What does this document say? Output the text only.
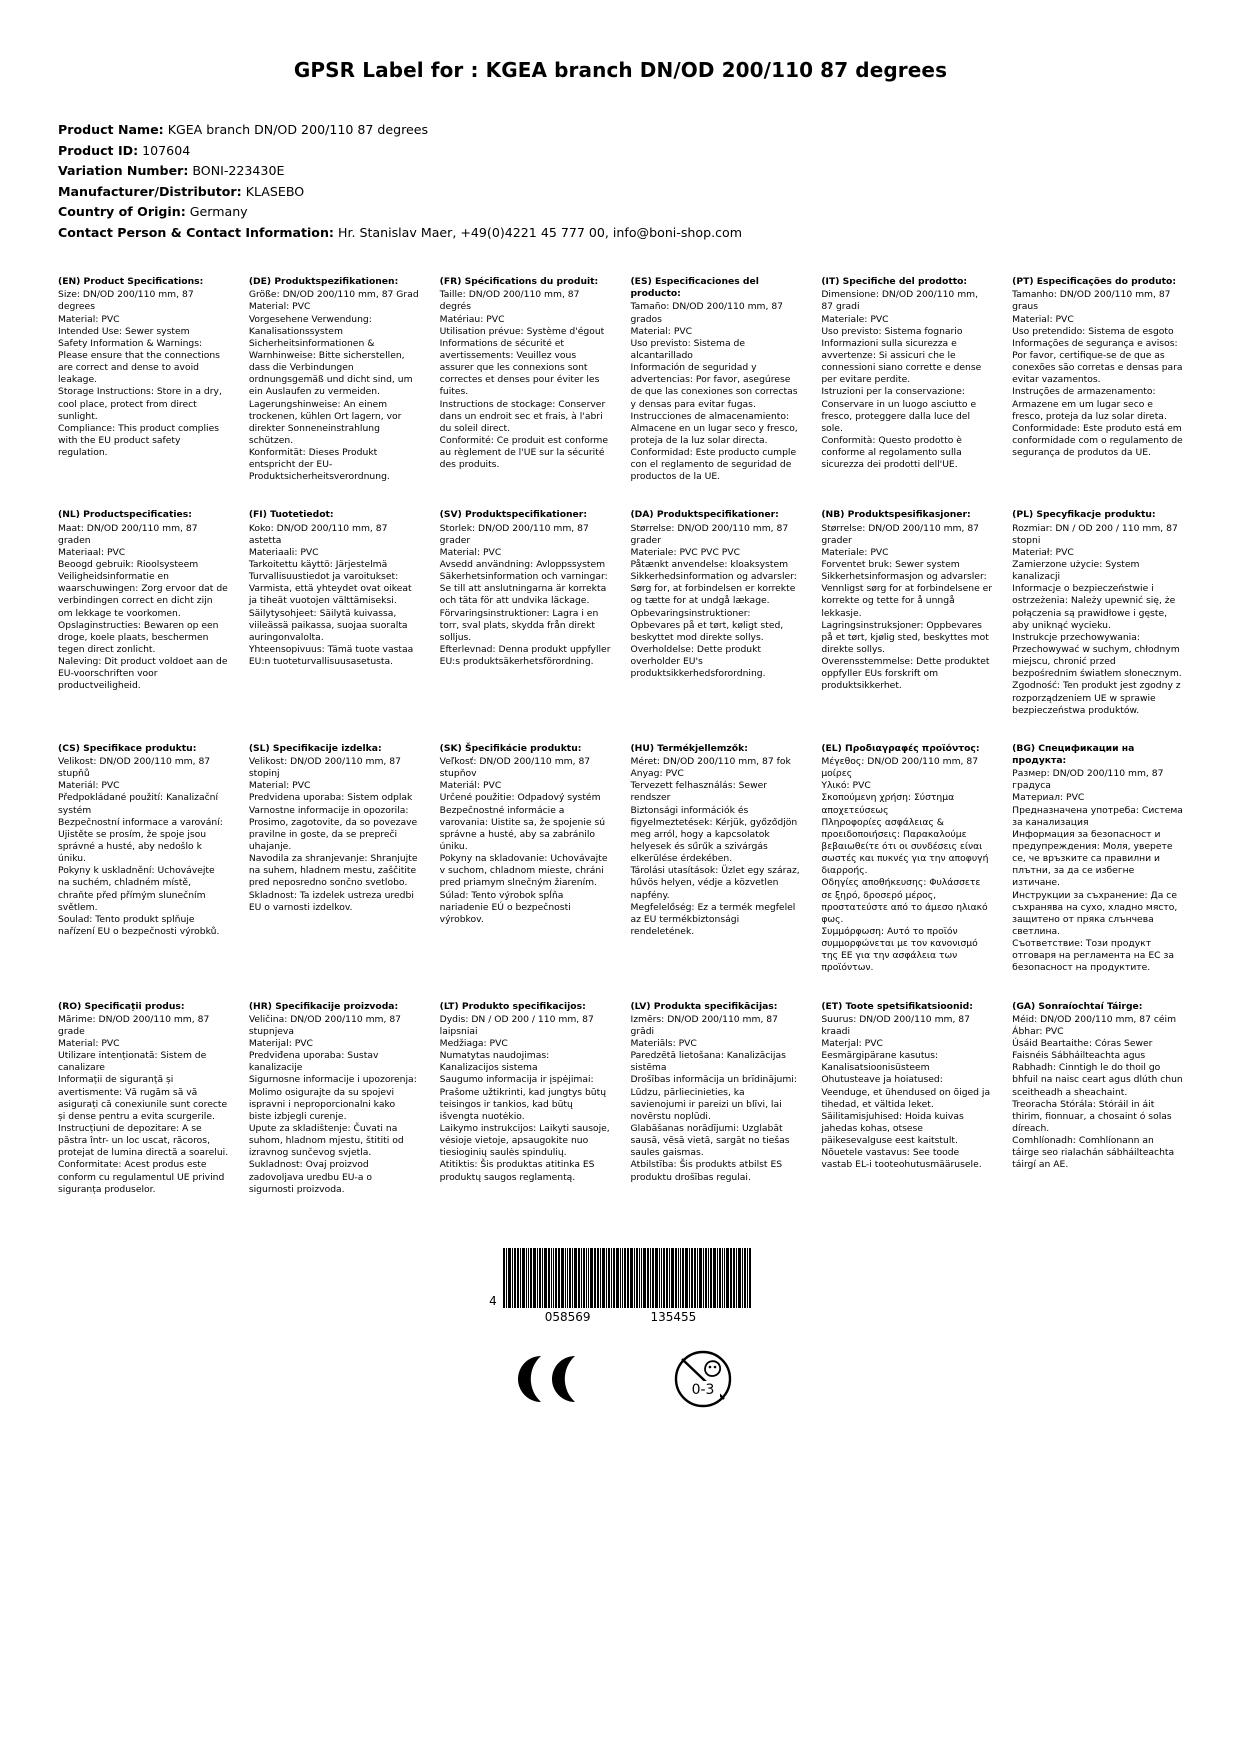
GPSR Label for : KGEA branch DN/OD 200/110 87 degrees
Product Name: KGEA branch DN/OD 200/110 87 degrees
Product ID: 107604
Variation Number: BONI-223430E
Manufacturer/Distributor: KLASEBO
Country of Origin: Germany
Contact Person & Contact Information: Hr. Stanislav Maer, +49(0)4221 45 777 00, info@boni-shop.com
(EN) Product Specifications:
Size: DN/OD 200/110 mm, 87 degrees
Material: PVC
Intended Use: Sewer system
Safety Information & Warnings: Please ensure that the connections are correct and dense to avoid leakage.
Storage Instructions: Store in a dry, cool place, protect from direct sunlight.
Compliance: This product complies with the EU product safety regulation.
(DE) Produktspezifikationen:
Größe: DN/OD 200/110 mm, 87 Grad
Material: PVC
Vorgesehene Verwendung: Kanalisationssystem
Sicherheitsinformationen & Warnhinweise: Bitte sicherstellen, dass die Verbindungen ordnungsgemäß und dicht sind, um ein Auslaufen zu vermeiden.
Lagerungshinweise: An einem trockenen, kühlen Ort lagern, vor direkter Sonneneinstrahlung schützen.
Konformität: Dieses Produkt entspricht der EU-Produktsicherheitsverordnung.
(FR) Spécifications du produit:
Taille: DN/OD 200/110 mm, 87 degrés
Matériau: PVC
Utilisation prévue: Système d'égout
Informations de sécurité et avertissements: Veuillez vous assurer que les connexions sont correctes et denses pour éviter les fuites.
Instructions de stockage: Conserver dans un endroit sec et frais, à l'abri du soleil direct.
Conformité: Ce produit est conforme au règlement de l'UE sur la sécurité des produits.
(ES) Especificaciones del producto:
Tamaño: DN/OD 200/110 mm, 87 grados
Material: PVC
Uso previsto: Sistema de alcantarillado
Información de seguridad y advertencias: Por favor, asegúrese de que las conexiones son correctas y densas para evitar fugas.
Instrucciones de almacenamiento: Almacene en un lugar seco y fresco, proteja de la luz solar directa.
Conformidad: Este producto cumple con el reglamento de seguridad de productos de la UE.
(IT) Specifiche del prodotto:
Dimensione: DN/OD 200/110 mm, 87 gradi
Materiale: PVC
Uso previsto: Sistema fognario
Informazioni sulla sicurezza e avvertenze: Si assicuri che le connessioni siano corrette e dense per evitare perdite.
Istruzioni per la conservazione: Conservare in un luogo asciutto e fresco, proteggere dalla luce del sole.
Conformità: Questo prodotto è conforme al regolamento sulla sicurezza dei prodotti dell'UE.
(PT) Especificações do produto:
Tamanho: DN/OD 200/110 mm, 87 graus
Material: PVC
Uso pretendido: Sistema de esgoto
Informações de segurança e avisos: Por favor, certifique-se de que as conexões são corretas e densas para evitar vazamentos.
Instruções de armazenamento: Armazene em um lugar seco e fresco, proteja da luz solar direta.
Conformidade: Este produto está em conformidade com o regulamento de segurança de produtos da UE.
(NL) Productspecificaties:
Maat: DN/OD 200/110 mm, 87 graden
Materiaal: PVC
Beoogd gebruik: Rioolsysteem
Veiligheidsinformatie en waarschuwingen: Zorg ervoor dat de verbindingen correct en dicht zijn om lekkage te voorkomen.
Opslaginstructies: Bewaren op een droge, koele plaats, beschermen tegen direct zonlicht.
Naleving: Dit product voldoet aan de EU-voorschriften voor productveiligheid.
(FI) Tuotetiedot:
Koko: DN/OD 200/110 mm, 87 astetta
Materiaali: PVC
Tarkoitettu käyttö: Järjestelmä
Turvallisuustiedot ja varoitukset: Varmista, että yhteydet ovat oikeat ja tiheät vuotojen välttämiseksi.
Säilytysohjeet: Säilytä kuivassa, viileässä paikassa, suojaa suoralta auringonvalolta.
Yhteensopivuus: Tämä tuote vastaa EU:n tuoteturvallisuusasetusta.
(SV) Produktspecifikationer:
Storlek: DN/OD 200/110 mm, 87 grader
Material: PVC
Avsedd användning: Avloppssystem
Säkerhetsinformation och varningar: Se till att anslutningarna är korrekta och täta för att undvika läckage.
Förvaringsinstruktioner: Lagra i en torr, sval plats, skydda från direkt solljus.
Efterlevnad: Denna produkt uppfyller EU:s produktsäkerhetsförordning.
(DA) Produktspecifikationer:
Størrelse: DN/OD 200/110 mm, 87 grader
Materiale: PVC PVC PVC
Påtænkt anvendelse: kloaksystem
Sikkerhedsinformation og advarsler: Sørg for, at forbindelsen er korrekte og tætte for at undgå lækage.
Opbevaringsinstruktioner: Opbevares på et tørt, køligt sted, beskyttet mod direkte sollys.
Overholdelse: Dette produkt overholder EU's produktsikkerhedsforordning.
(NB) Produktspesifikasjoner:
Størrelse: DN/OD 200/110 mm, 87 grader
Materiale: PVC
Forventet bruk: Sewer system
Sikkerhetsinformasjon og advarsler: Vennligst sørg for at forbindelsene er korrekte og tette for å unngå lekkasje.
Lagringsinstruksjoner: Oppbevares på et tørt, kjølig sted, beskyttes mot direkte sollys.
Overensstemmelse: Dette produktet oppfyller EUs forskrift om produktsikkerhet.
(PL) Specyfikacje produktu:
Rozmiar: DN / OD 200 / 110 mm, 87 stopni
Materiał: PVC
Zamierzone użycie: System kanalizacji
Informacje o bezpieczeństwie i ostrzeżenia: Należy upewnić się, że połączenia są prawidłowe i gęste, aby uniknąć wycieku.
Instrukcje przechowywania: Przechowywać w suchym, chłodnym miejscu, chronić przed bezpośrednim światłem słonecznym.
Zgodność: Ten produkt jest zgodny z rozporządzeniem UE w sprawie bezpieczeństwa produktów.
(CS) Specifikace produktu:
Velikost: DN/OD 200/110 mm, 87 stupňů
Materiál: PVC
Předpokládané použití: Kanalizační systém
Bezpečnostní informace a varování: Ujistěte se prosím, že spoje jsou správné a husté, aby nedošlo k úniku.
Pokyny k uskladnění: Uchovávejte na suchém, chladném místě, chraňte před přímým slunečním světlem.
Soulad: Tento produkt splňuje nařízení EU o bezpečnosti výrobků.
(SL) Specifikacije izdelka:
Velikost: DN/OD 200/110 mm, 87 stopinj
Material: PVC
Predvidena uporaba: Sistem odplak
Varnostne informacije in opozorila: Prosimo, zagotovite, da so povezave pravilne in goste, da se prepreči uhajanje.
Navodila za shranjevanje: Shranjujte na suhem, hladnem mestu, zaščitite pred neposredno sončno svetlobo.
Skladnost: Ta izdelek ustreza uredbi EU o varnosti izdelkov.
(SK) Špecifikácie produktu:
Veľkosť: DN/OD 200/110 mm, 87 stupňov
Materiál: PVC
Určené použitie: Odpadový systém
Bezpečnostné informácie a varovania: Uistite sa, že spojenie sú správne a husté, aby sa zabránilo úniku.
Pokyny na skladovanie: Uchovávajte v suchom, chladnom mieste, chráni pred priamym slnečným žiarením.
Súlad: Tento výrobok spĺňa nariadenie EÚ o bezpečnosti výrobkov.
(HU) Termékjellemzők:
Méret: DN/OD 200/110 mm, 87 fok
Anyag: PVC
Tervezett felhasználás: Sewer rendszer
Biztonsági információk és figyelmeztetések: Kérjük, győződjön meg arról, hogy a kapcsolatok helyesek és sűrűk a szivárgás elkerülése érdekében.
Tárolási utasítások: Üzlet egy száraz, hűvös helyen, védje a közvetlen napfény.
Megfelelőség: Ez a termék megfelel az EU termékbiztonsági rendeletének.
(EL) Προδιαγραφές προϊόντος:
Μέγεθος: DN/OD 200/110 mm, 87 μοίρες
Υλικό: PVC
Σκοπούμενη χρήση: Σύστημα αποχετεύσεως
Πληροφορίες ασφάλειας & προειδοποιήσεις: Παρακαλούμε βεβαιωθείτε ότι οι συνδέσεις είναι σωστές και πυκνές για την αποφυγή διαρροής.
Οδηγίες αποθήκευσης: Φυλάσσετε σε ξηρό, δροσερό μέρος, προστατεύστε από το άμεσο ηλιακό φως.
Συμμόρφωση: Αυτό το προϊόν συμμορφώνεται με τον κανονισμό της ΕΕ για την ασφάλεια των προϊόντων.
(BG) Спецификации на продукта:
Размер: DN/OD 200/110 mm, 87 градуса
Материал: PVC
Предназначена употреба: Система за канализация
Информация за безопасност и предупреждения: Моля, уверете се, че връзките са правилни и плътни, за да се избегне изтичане.
Инструкции за съхранение: Да се съхранява на сухо, хладно място, защитено от пряка слънчева светлина.
Съответствие: Този продукт отговаря на регламента на ЕС за безопасност на продуктите.
(RO) Specificații produs:
Mărime: DN/OD 200/110 mm, 87 grade
Material: PVC
Utilizare intenționată: Sistem de canalizare
Informații de siguranță și avertismente: Vă rugăm să vă asigurați că conexiunile sunt corecte și dense pentru a evita scurgerile.
Instrucțiuni de depozitare: A se păstra într- un loc uscat, răcoros, protejat de lumina directă a soarelui.
Conformitate: Acest produs este conform cu regulamentul UE privind siguranța produselor.
(HR) Specifikacije proizvoda:
Veličina: DN/OD 200/110 mm, 87 stupnjeva
Materijal: PVC
Predviđena uporaba: Sustav kanalizacije
Sigurnosne informacije i upozorenja: Molimo osigurajte da su spojevi ispravni i neproporcionalni kako biste izbjegli curenje.
Upute za skladištenje: Čuvati na suhom, hladnom mjestu, štititi od izravnog sunčevog svjetla.
Sukladnost: Ovaj proizvod zadovoljava uredbu EU-a o sigurnosti proizvoda.
(LT) Produkto specifikacijos:
Dydis: DN / OD 200 / 110 mm, 87 laipsniai
Medžiaga: PVC
Numatytas naudojimas: Kanalizacijos sistema
Saugumo informacija ir įspėjimai: Prašome užtikrinti, kad jungtys būtų teisingos ir tankios, kad būtų išvengta nuotėkio.
Laikymo instrukcijos: Laikyti sausoje, vėsioje vietoje, apsaugokite nuo tiesioginių saulės spindulių.
Atitiktis: Šis produktas atitinka ES produktų saugos reglamentą.
(LV) Produkta specifikācijas:
Izmērs: DN/OD 200/110 mm, 87 grādi
Materiāls: PVC
Paredzētā lietošana: Kanalizācijas sistēma
Drošības informācija un brīdinājumi: Lūdzu, pārliecinieties, ka savienojumi ir pareizi un blīvi, lai novērstu noplūdi.
Glabāšanas norādījumi: Uzglabāt sausā, vēsā vietā, sargāt no tiešas saules gaismas.
Atbilstība: Šis produkts atbilst ES produktu drošības regulai.
(ET) Toote spetsifikatsioonid:
Suurus: DN/OD 200/110 mm, 87 kraadi
Materjal: PVC
Eesmärgipärane kasutus: Kanalisatsioonisüsteem
Ohutusteave ja hoiatused: Veenduge, et ühendused on õiged ja tihedad, et vältida leket.
Säilitamisjuhised: Hoida kuivas jahedas kohas, otsese päikesevalguse eest kaitstult.
Nõuetele vastavus: See toode vastab EL-i tooteohutusmäärusele.
(GA) Sonraíochtaí Táirge:
Méid: DN/OD 200/110 mm, 87 céim
Ábhar: PVC
Úsáid Beartaithe: Córas Sewer
Faisnéis Sábháilteachta agus Rabhadh: Cinntigh le do thoil go bhfuil na naisc ceart agus dlúth chun sceitheadh a sheachaint.
Treoracha Stórála: Stóráil in áit thirim, fionnuar, a chosaint ó solas díreach.
Comhlíonadh: Comhlíonann an táirge seo rialachán sábháilteachta táirgí an AE.
4
058569	135455
0-3
